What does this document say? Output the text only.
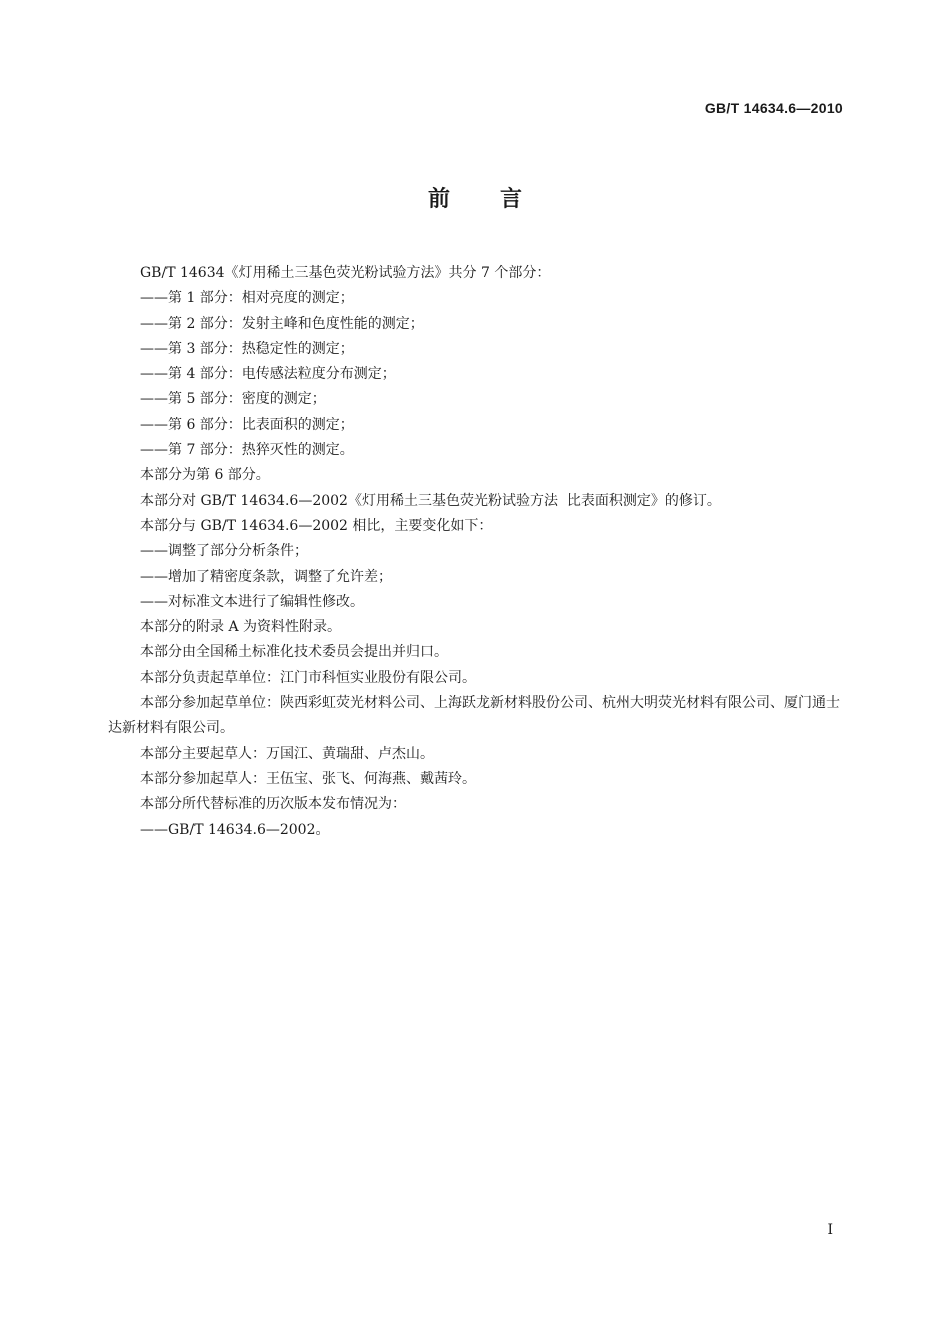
GB/T 14634.6—2010
前言

GB/T 14634《灯用稀土三基色荧光粉试验方法》共分 7 个部分：

——第 1 部分：相对亮度的测定；

——第 2 部分：发射主峰和色度性能的测定；

——第 3 部分：热稳定性的测定；

——第 4 部分：电传感法粒度分布测定；

——第 5 部分：密度的测定；

——第 6 部分：比表面积的测定；

——第 7 部分：热猝灭性的测定。

本部分为第 6 部分。

本部分对 GB/T 14634.6—2002《灯用稀土三基色荧光粉试验方法  比表面积测定》的修订。

本部分与 GB/T 14634.6—2002 相比，主要变化如下：

——调整了部分分析条件；

——增加了精密度条款，调整了允许差；

——对标准文本进行了编辑性修改。

本部分的附录 A 为资料性附录。

本部分由全国稀土标准化技术委员会提出并归口。

本部分负责起草单位：江门市科恒实业股份有限公司。

本部分参加起草单位：陕西彩虹荧光材料公司、上海跃龙新材料股份公司、杭州大明荧光材料有限公司、厦门通士达新材料有限公司。

本部分主要起草人：万国江、黄瑞甜、卢杰山。

本部分参加起草人：王伍宝、张飞、何海燕、戴茜玲。

本部分所代替标准的历次版本发布情况为：

——GB/T 14634.6—2002。

I
